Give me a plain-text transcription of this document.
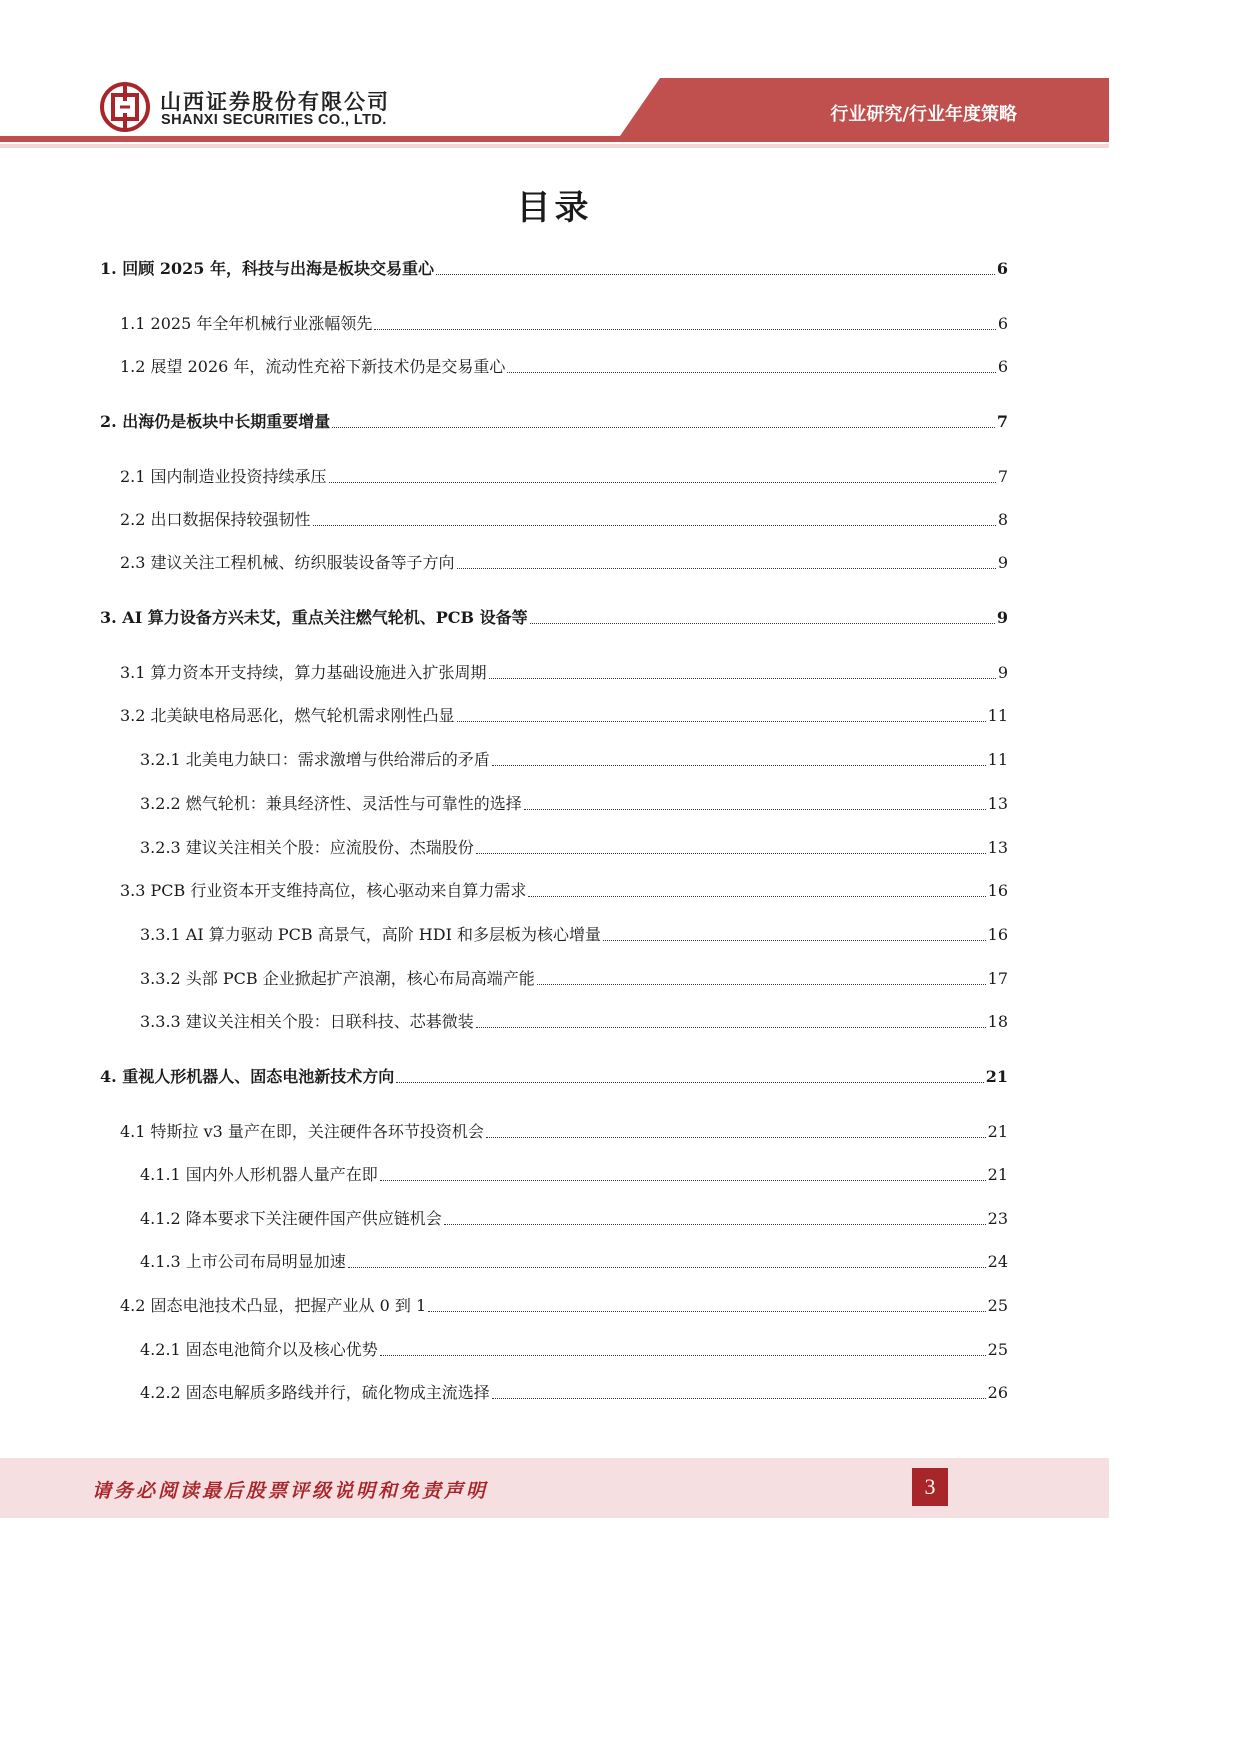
山西证券股份有限公司
SHANXI SECURITIES CO., LTD.	行业研究/行业年度策略
目录
1. 回顾 2025 年，科技与出海是板块交易重心	6
1.1 2025 年全年机械行业涨幅领先	6
1.2 展望 2026 年，流动性充裕下新技术仍是交易重心	6
2. 出海仍是板块中长期重要增量	7
2.1 国内制造业投资持续承压	7
2.2 出口数据保持较强韧性	8
2.3 建议关注工程机械、纺织服装设备等子方向	9
3. AI 算力设备方兴未艾，重点关注燃气轮机、PCB 设备等	9
3.1 算力资本开支持续，算力基础设施进入扩张周期	9
3.2 北美缺电格局恶化，燃气轮机需求刚性凸显	11
3.2.1 北美电力缺口：需求激增与供给滞后的矛盾	11
3.2.2 燃气轮机：兼具经济性、灵活性与可靠性的选择	13
3.2.3 建议关注相关个股：应流股份、杰瑞股份	13
3.3 PCB 行业资本开支维持高位，核心驱动来自算力需求	16
3.3.1 AI 算力驱动 PCB 高景气，高阶 HDI 和多层板为核心增量	16
3.3.2 头部 PCB 企业掀起扩产浪潮，核心布局高端产能	17
3.3.3 建议关注相关个股：日联科技、芯碁微装	18
4. 重视人形机器人、固态电池新技术方向	21
4.1 特斯拉 v3 量产在即，关注硬件各环节投资机会	21
4.1.1 国内外人形机器人量产在即	21
4.1.2 降本要求下关注硬件国产供应链机会	23
4.1.3 上市公司布局明显加速	24
4.2 固态电池技术凸显，把握产业从 0 到 1	25
4.2.1 固态电池简介以及核心优势	25
4.2.2 固态电解质多路线并行，硫化物成主流选择	26
请务必阅读最后股票评级说明和免责声明	3
